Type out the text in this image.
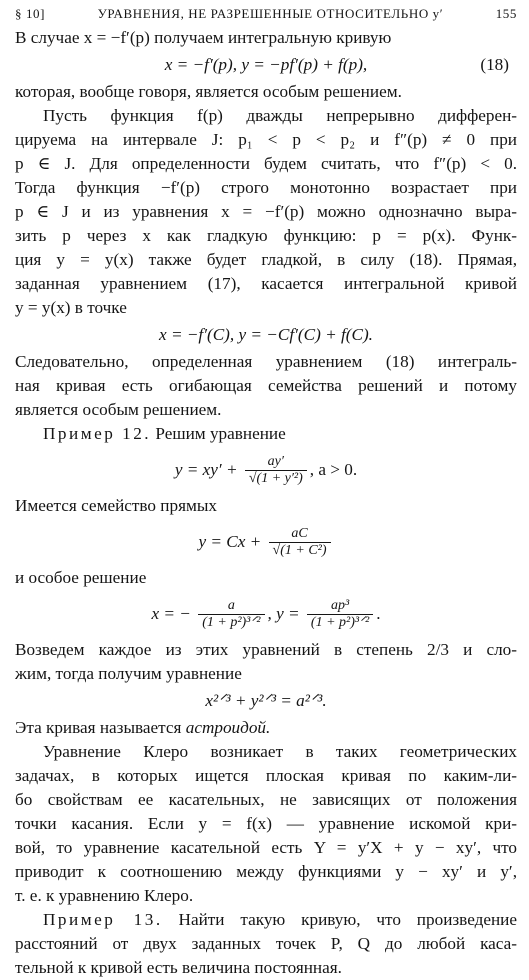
§ 10]	УРАВНЕНИЯ, НЕ РАЗРЕШЕННЫЕ ОТНОСИТЕЛЬНО y′	155
В случае x = −f′(p) получаем интегральную кривую
x = −f′(p), y = −pf′(p) + f(p),	(18)
которая, вообще говоря, является особым решением.
Пусть функция f(p) дважды непрерывно дифферен-
цируема на интервале J: p₁ < p < p₂ и f″(p) ≠ 0 при
p ∈ J. Для определенности будем считать, что f″(p) < 0.
Тогда функция −f′(p) строго монотонно возрастает при
p ∈ J и из уравнения x = −f′(p) можно однозначно выра-
зить p через x как гладкую функцию: p = p(x). Функ-
ция y = y(x) также будет гладкой, в силу (18). Прямая,
заданная уравнением (17), касается интегральной кривой
y = y(x) в точке
x = −f′(C), y = −Cf′(C) + f(C).
Следовательно, определенная уравнением (18) интеграль-
ная кривая есть огибающая семейства решений и потому
является особым решением.
Пример 12. Решим уравнение
$y = xy' + \frac{ay'}{\text{√(1 + y′²)}}$ , a > 0.
Имеется семейство прямых
$y = Cx + \frac{aC}{\text{√(1 + C²)}}$
и особое решение
x = − $\frac{a}{\text{(1 + p²)³ᐟ²}}$ , $y = \frac{\text{ap³}}{\text{(1 + p²)³ᐟ²}}$ .
Возведем каждое из этих уравнений в степень 2/3 и сло-
жим, тогда получим уравнение
x²ᐟ³ + y²ᐟ³ = a²ᐟ³.
Эта кривая называется астроидой.
Уравнение Клеро возникает в таких геометрических
задачах, в которых ищется плоская кривая по каким-ли-
бо свойствам ее касательных, не зависящих от положения
точки касания. Если y = f(x) — уравнение искомой кри-
вой, то уравнение касательной есть Y = y′X + y − xy′, что
приводит к соотношению между функциями y − xy′ и y′,
т. е. к уравнению Клеро.
Пример 13. Найти такую кривую, что произведение
расстояний от двух заданных точек P, Q до любой каса-
тельной к кривой есть величина постоянная.
